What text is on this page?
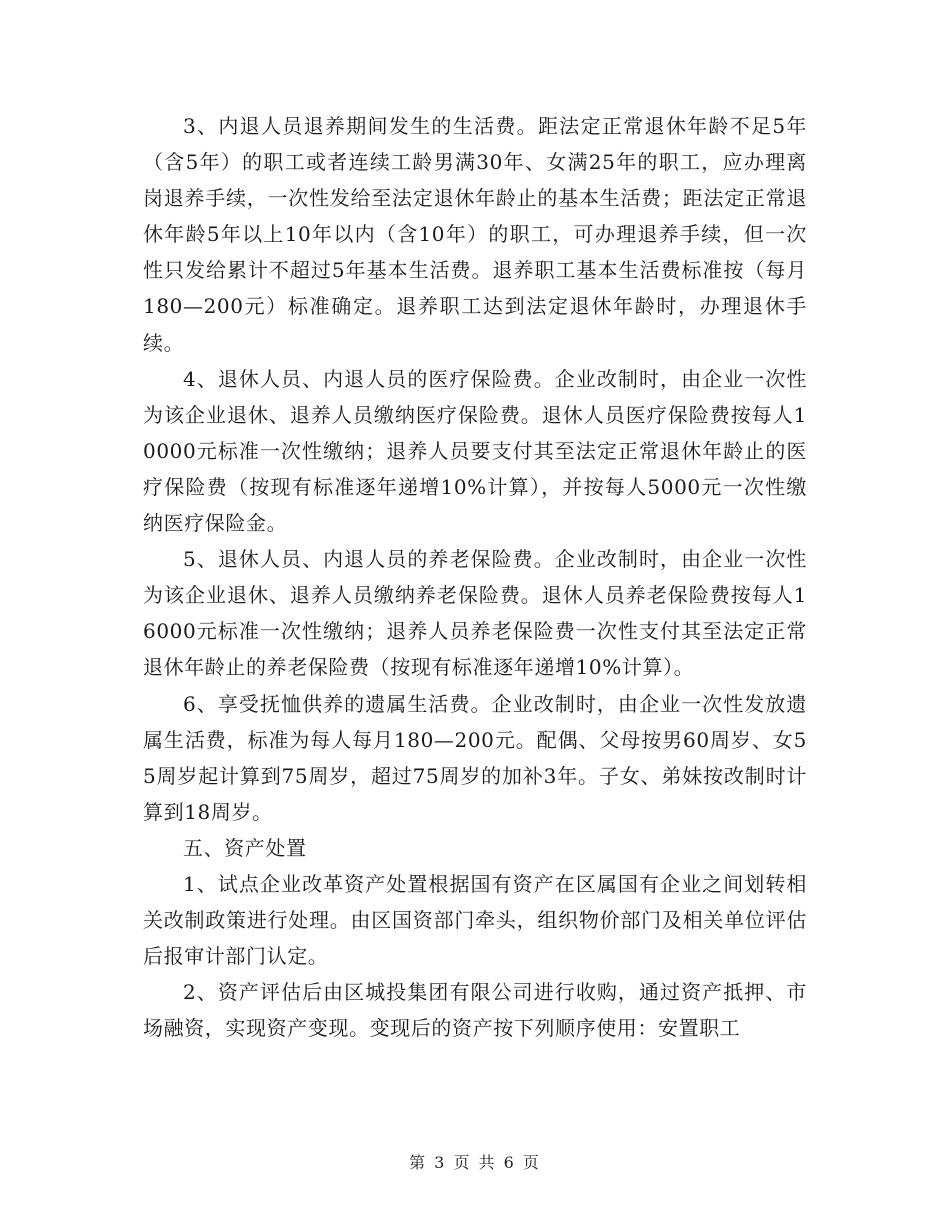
3、内退人员退养期间发生的生活费。距法定正常退休年龄不足5年（含5年）的职工或者连续工龄男满30年、女满25年的职工，应办理离岗退养手续，一次性发给至法定退休年龄止的基本生活费；距法定正常退休年龄5年以上10年以内（含10年）的职工，可办理退养手续，但一次性只发给累计不超过5年基本生活费。退养职工基本生活费标准按（每月180—200元）标准确定。退养职工达到法定退休年龄时，办理退休手续。

4、退休人员、内退人员的医疗保险费。企业改制时，由企业一次性为该企业退休、退养人员缴纳医疗保险费。退休人员医疗保险费按每人10000元标准一次性缴纳；退养人员要支付其至法定正常退休年龄止的医疗保险费（按现有标准逐年递增10%计算），并按每人5000元一次性缴纳医疗保险金。

5、退休人员、内退人员的养老保险费。企业改制时，由企业一次性为该企业退休、退养人员缴纳养老保险费。退休人员养老保险费按每人16000元标准一次性缴纳；退养人员养老保险费一次性支付其至法定正常退休年龄止的养老保险费（按现有标准逐年递增10%计算）。

6、享受抚恤供养的遗属生活费。企业改制时，由企业一次性发放遗属生活费，标准为每人每月180—200元。配偶、父母按男60周岁、女55周岁起计算到75周岁，超过75周岁的加补3年。子女、弟妹按改制时计算到18周岁。

五、资产处置

1、试点企业改革资产处置根据国有资产在区属国有企业之间划转相关改制政策进行处理。由区国资部门牵头，组织物价部门及相关单位评估后报审计部门认定。

2、资产评估后由区城投集团有限公司进行收购，通过资产抵押、市场融资，实现资产变现。变现后的资产按下列顺序使用：安置职工

第 3 页 共 6 页
